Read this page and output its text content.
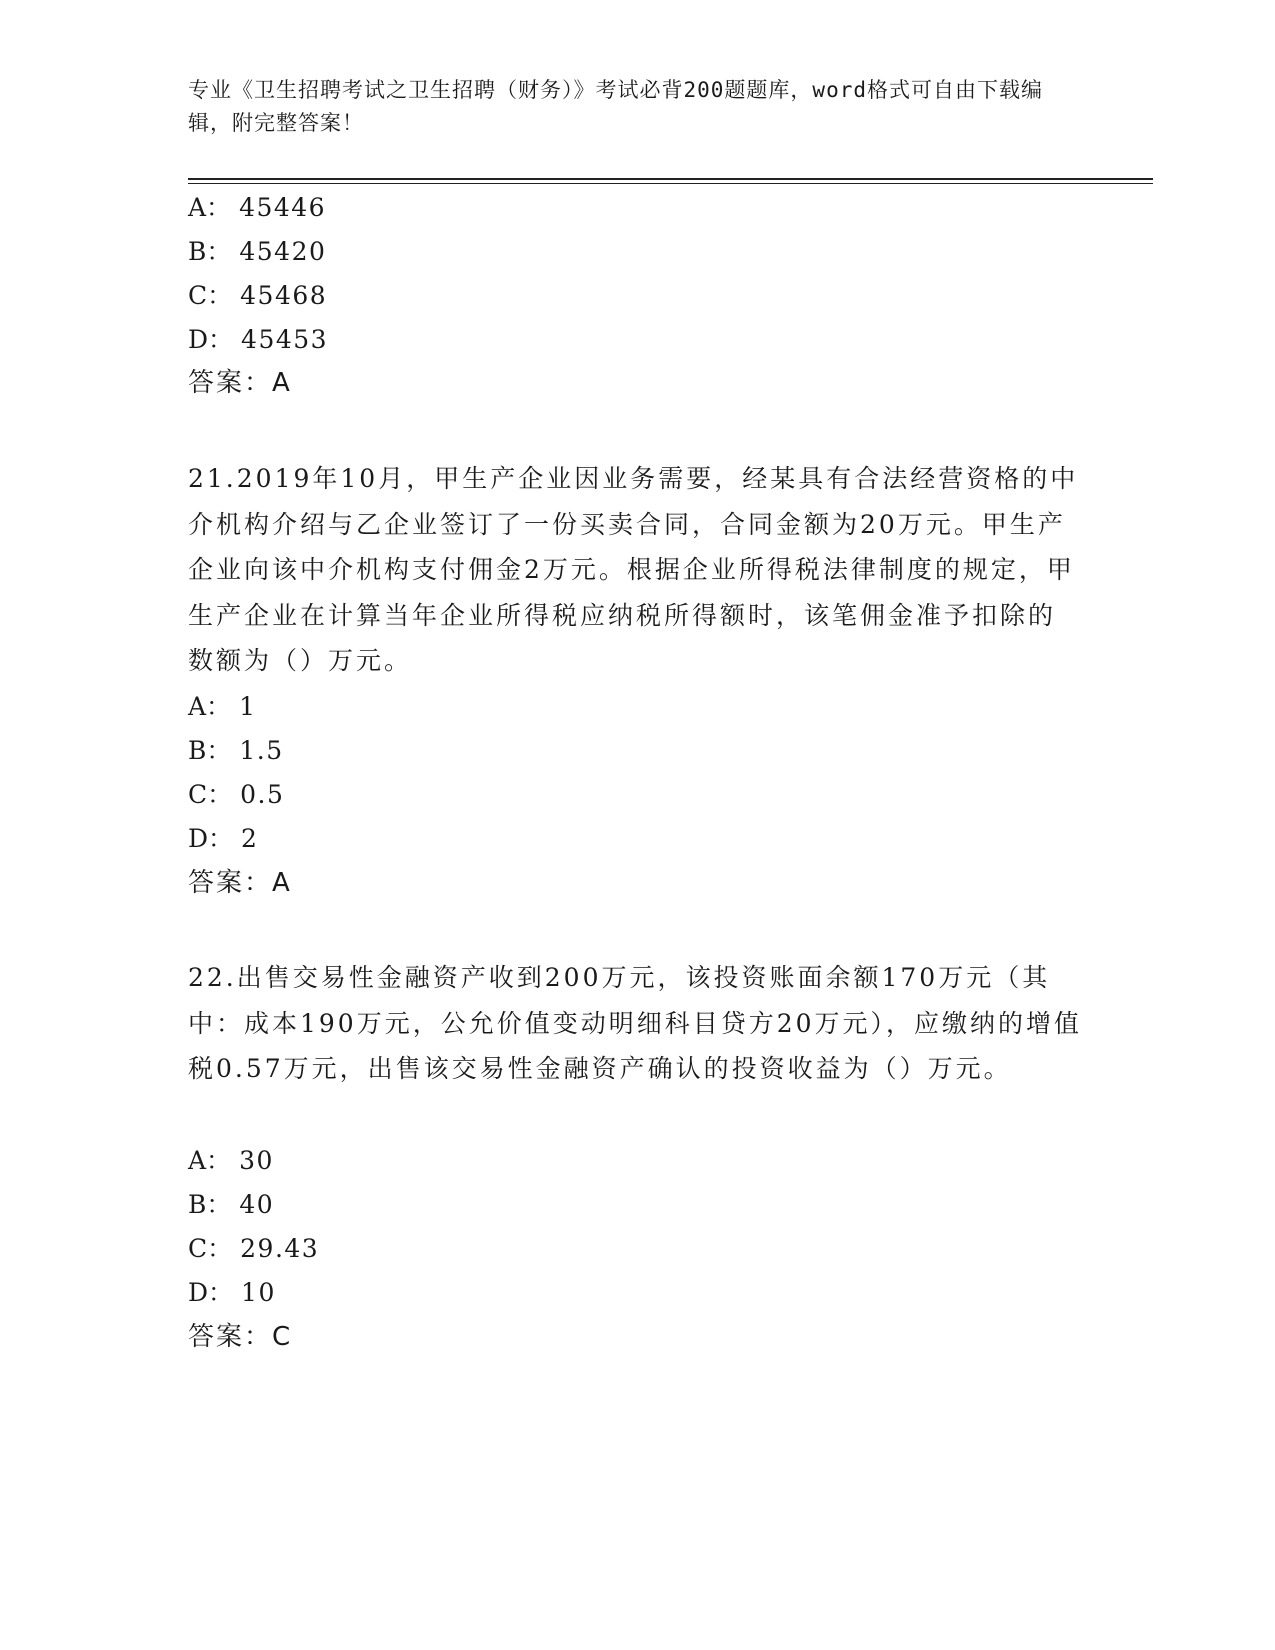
专业《卫生招聘考试之卫生招聘（财务）》考试必背200题题库，word格式可自由下载编辑，附完整答案！
A： 45446
B： 45420
C： 45468
D： 45453
答案：A
21.2019年10月，甲生产企业因业务需要，经某具有合法经营资格的中介机构介绍与乙企业签订了一份买卖合同，合同金额为20万元。甲生产企业向该中介机构支付佣金2万元。根据企业所得税法律制度的规定，甲生产企业在计算当年企业所得税应纳税所得额时，该笔佣金准予扣除的数额为（）万元。
A： 1
B： 1.5
C： 0.5
D： 2
答案：A
22.出售交易性金融资产收到200万元，该投资账面余额170万元（其中：成本190万元，公允价值变动明细科目贷方20万元），应缴纳的增值税0.57万元，出售该交易性金融资产确认的投资收益为（）万元。
A： 30
B： 40
C： 29.43
D： 10
答案：C
